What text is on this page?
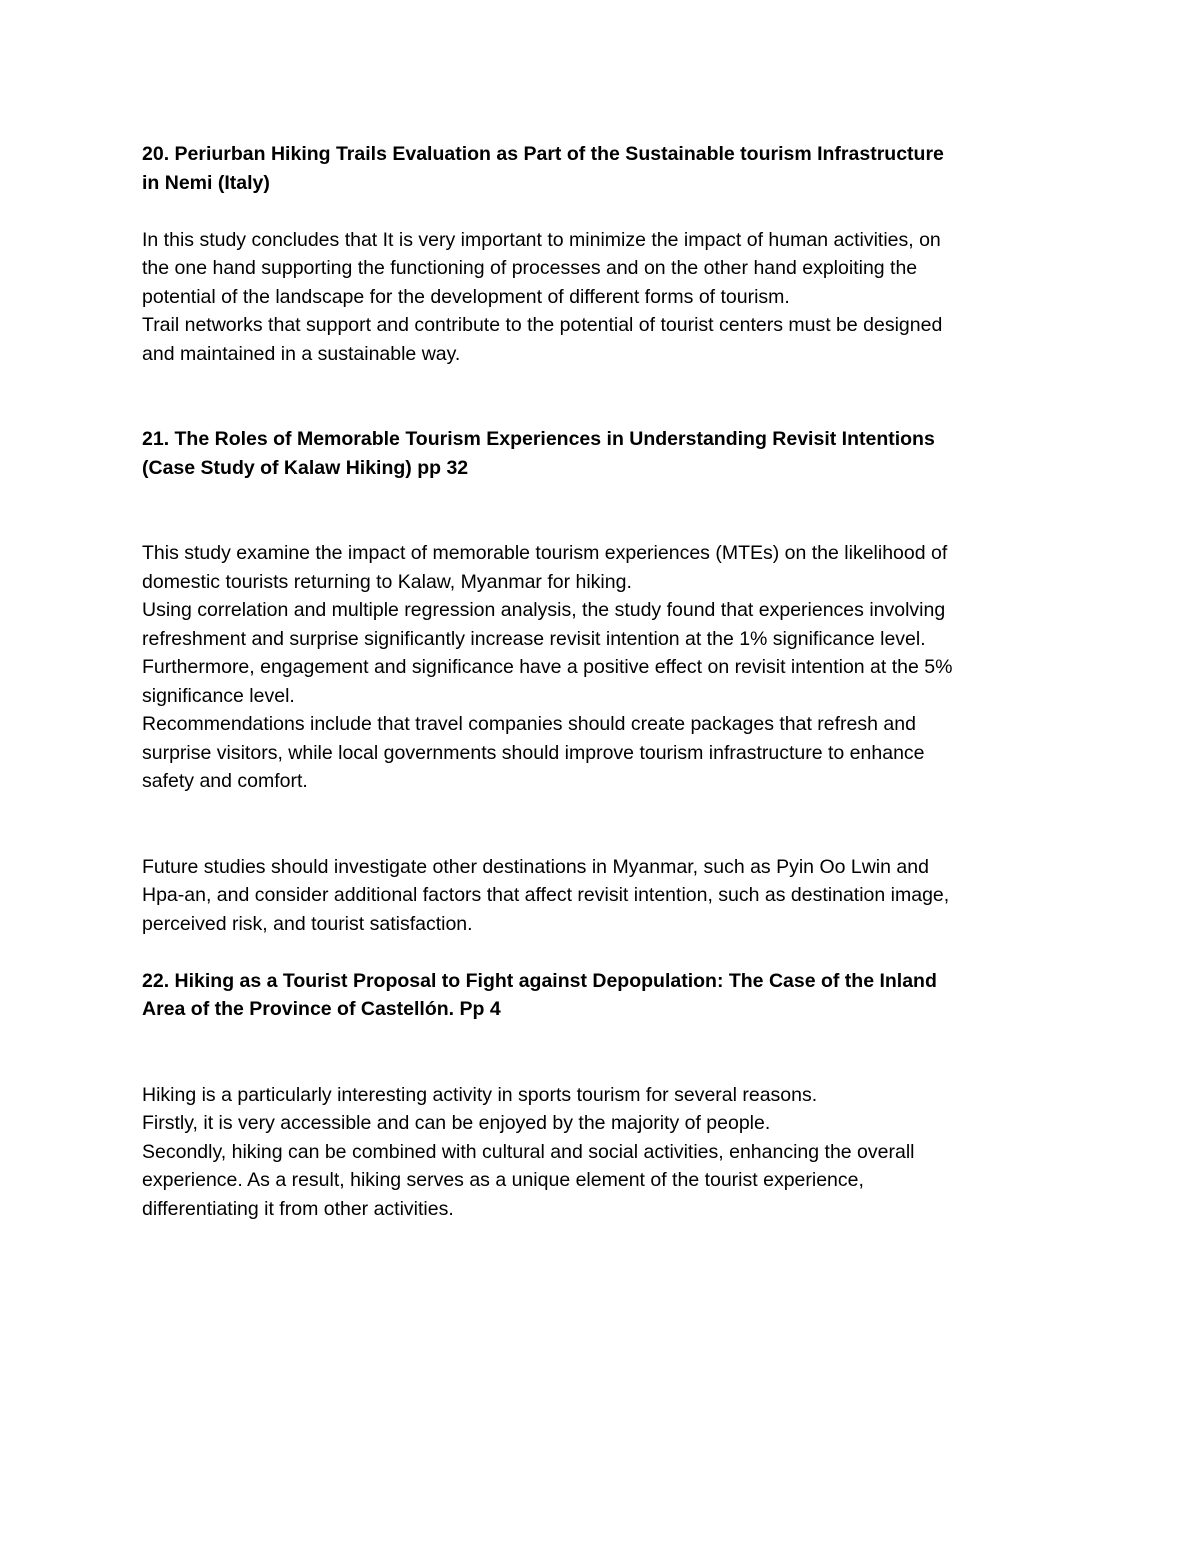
20. Periurban Hiking Trails Evaluation as Part of the Sustainable tourism Infrastructure
in Nemi (Italy)
In this study concludes that It is very important to minimize the impact of human activities, on
the one hand supporting the functioning of processes and on the other hand exploiting the
potential of the landscape for the development of different forms of tourism.
Trail networks that support and contribute to the potential of tourist centers must be designed
and maintained in a sustainable way.
21. The Roles of Memorable Tourism Experiences in Understanding Revisit Intentions
(Case Study of Kalaw Hiking) pp 32
This study examine the impact of memorable tourism experiences (MTEs) on the likelihood of
domestic tourists returning to Kalaw, Myanmar for hiking.
Using correlation and multiple regression analysis, the study found that experiences involving
refreshment and surprise significantly increase revisit intention at the 1% significance level.
Furthermore, engagement and significance have a positive effect on revisit intention at the 5%
significance level.
Recommendations include that travel companies should create packages that refresh and
surprise visitors, while local governments should improve tourism infrastructure to enhance
safety and comfort.
Future studies should investigate other destinations in Myanmar, such as Pyin Oo Lwin and
Hpa-an, and consider additional factors that affect revisit intention, such as destination image,
perceived risk, and tourist satisfaction.
22. Hiking as a Tourist Proposal to Fight against Depopulation: The Case of the Inland
Area of the Province of Castellón. Pp 4
Hiking is a particularly interesting activity in sports tourism for several reasons.
Firstly, it is very accessible and can be enjoyed by the majority of people.
Secondly, hiking can be combined with cultural and social activities, enhancing the overall
experience. As a result, hiking serves as a unique element of the tourist experience,
differentiating it from other activities.
